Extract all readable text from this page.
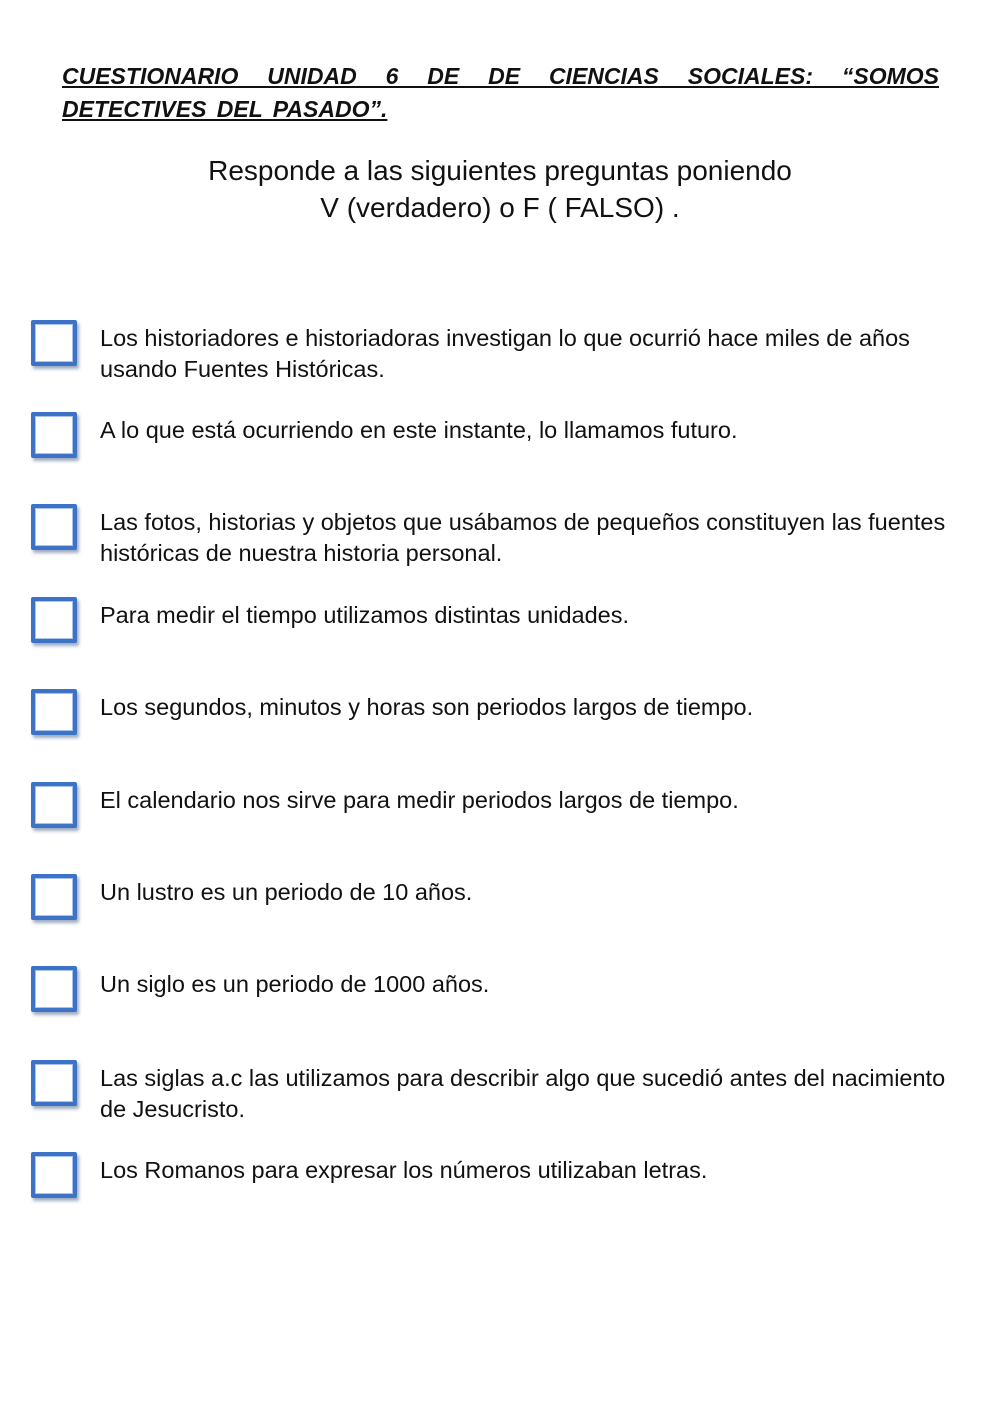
CUESTIONARIO UNIDAD 6 DE DE CIENCIAS SOCIALES: “SOMOS DETECTIVES DEL PASADO”.
Responde a las siguientes preguntas poniendo
V (verdadero) o F ( FALSO) .

Los historiadores e historiadoras investigan lo que ocurrió hace miles de años usando Fuentes Históricas.

A lo que está ocurriendo en este instante, lo llamamos futuro.

Las fotos, historias y objetos que usábamos de pequeños constituyen las fuentes históricas de nuestra historia personal.

Para medir el tiempo utilizamos distintas unidades.

Los segundos, minutos y horas son periodos largos de tiempo.

El calendario nos sirve para medir periodos largos de tiempo.

Un lustro es un periodo de 10 años.

Un siglo es un periodo de 1000 años.

Las siglas a.c las utilizamos para describir algo que sucedió antes del nacimiento de Jesucristo.

Los Romanos para expresar los números utilizaban letras.
